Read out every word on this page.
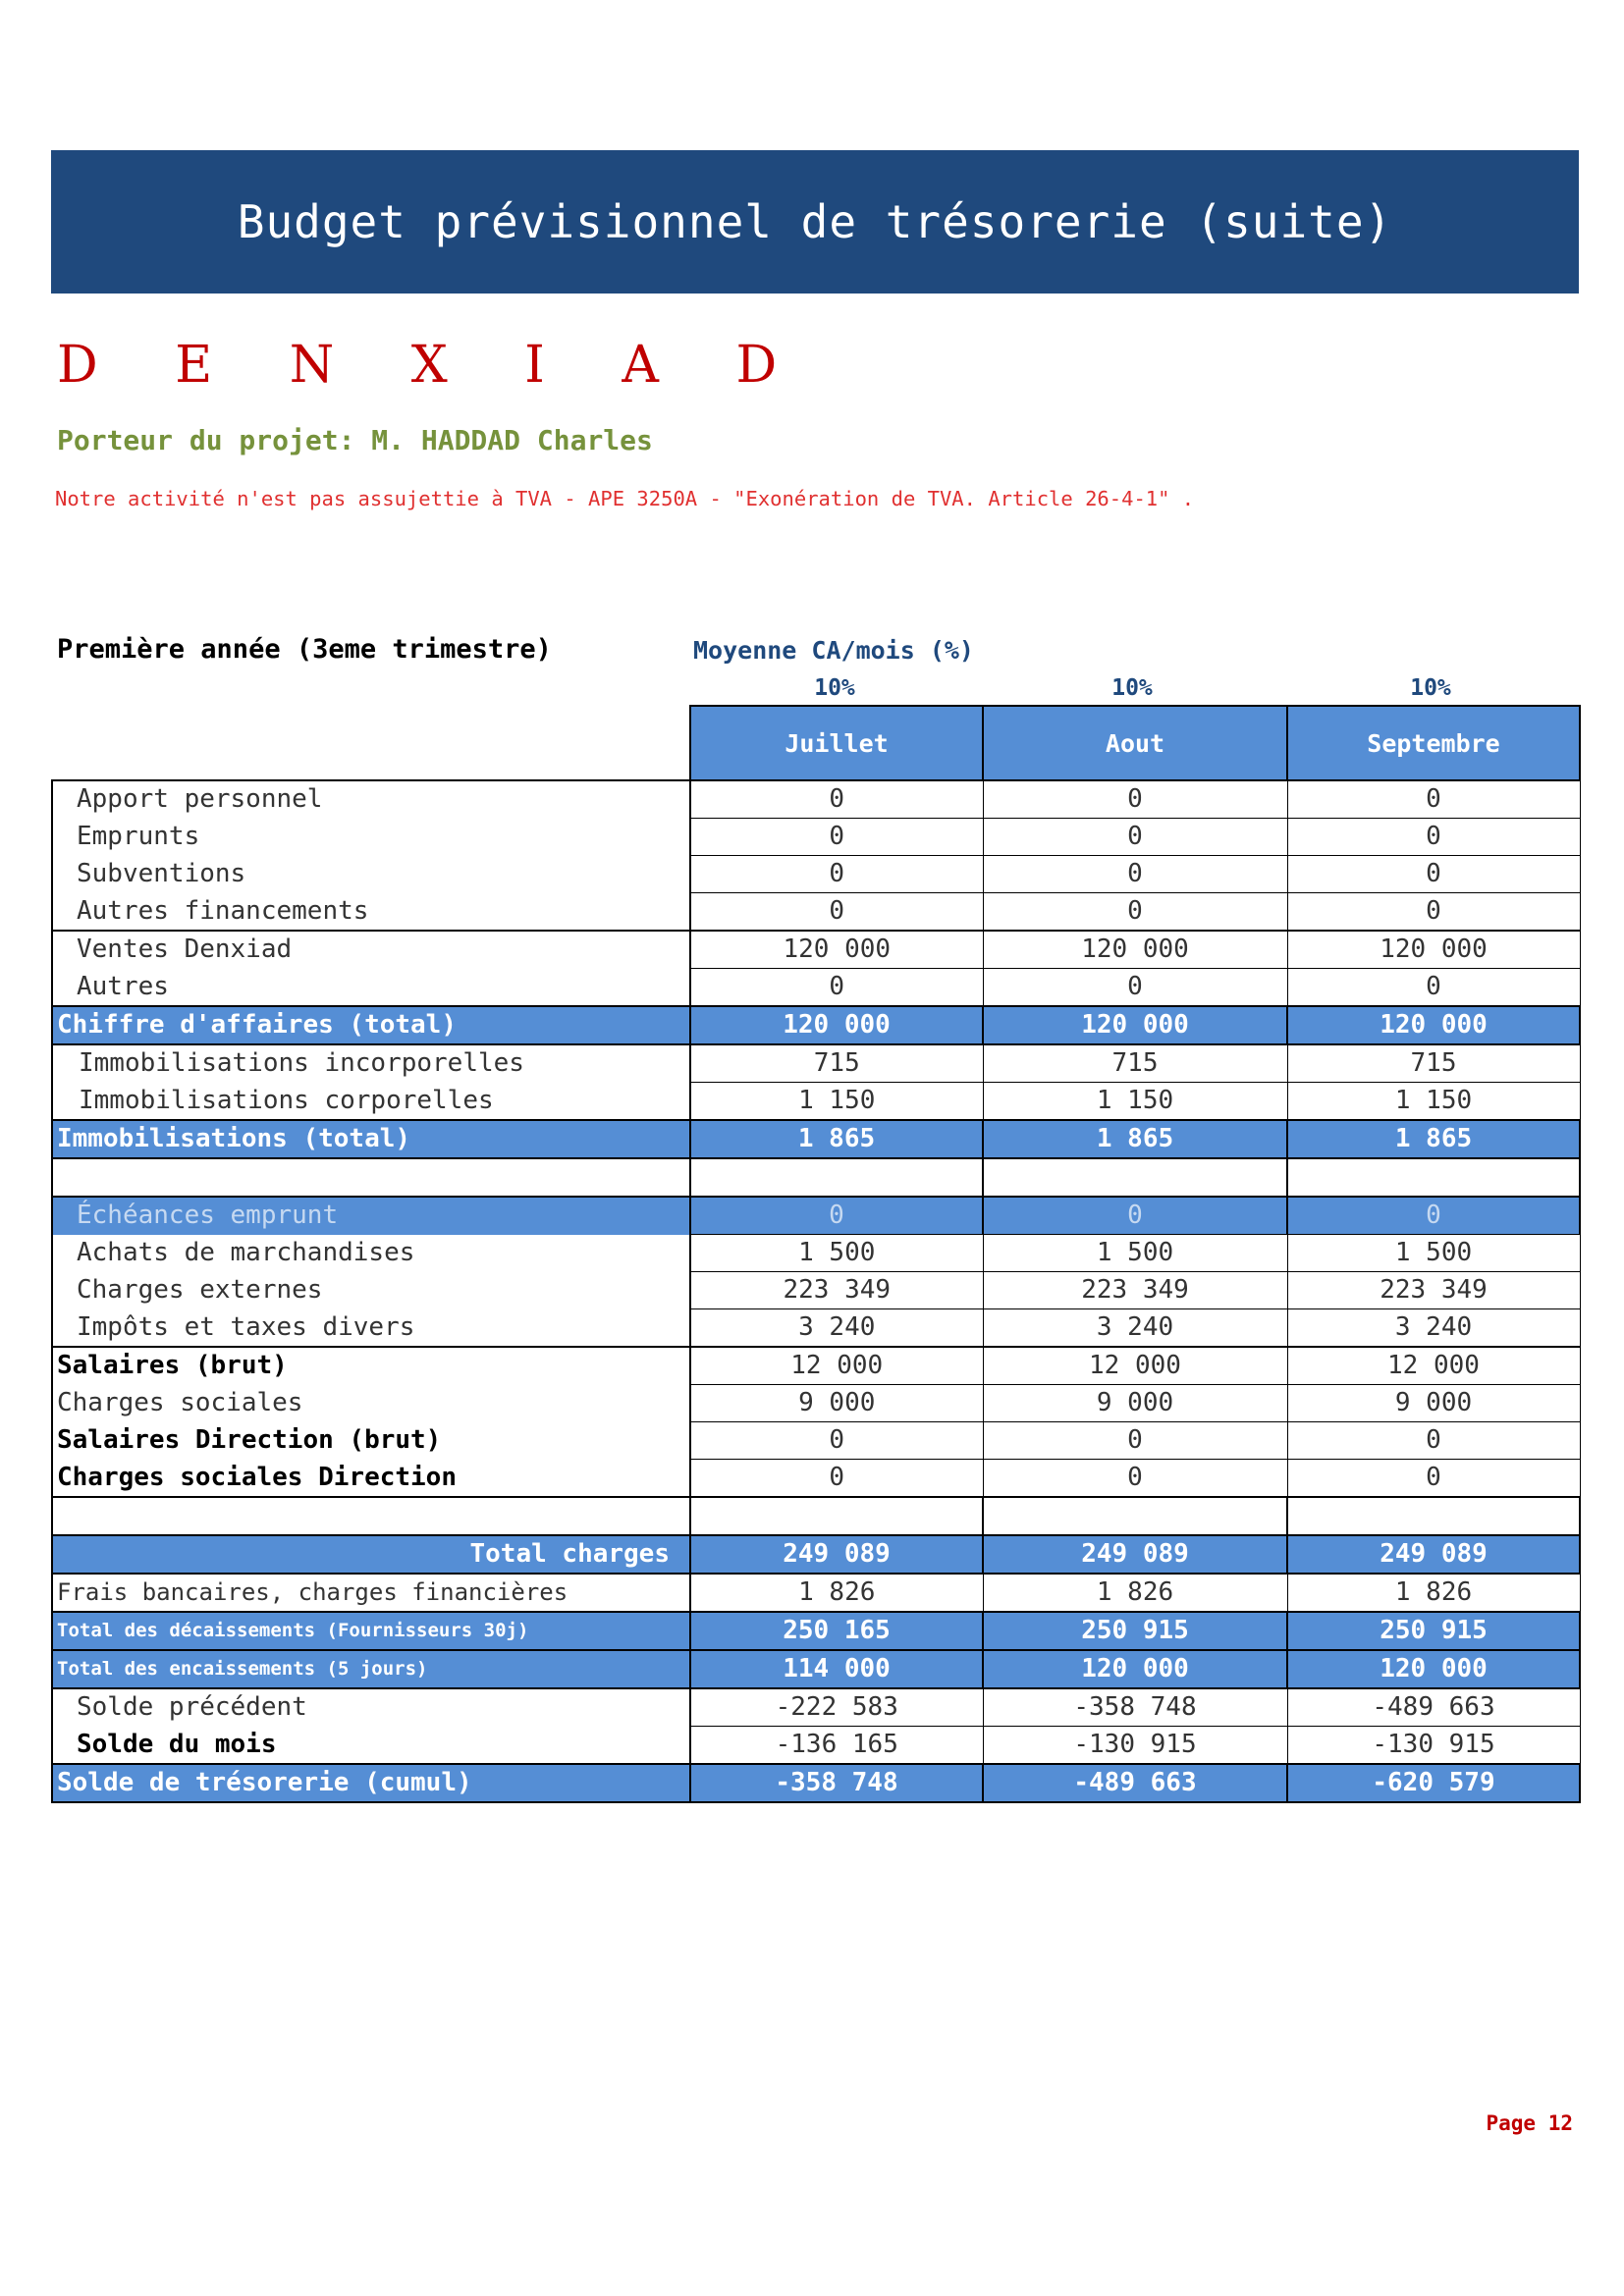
Budget prévisionnel de trésorerie (suite)
D E N X I A D
Porteur du projet: M. HADDAD Charles
Notre activité n'est pas assujettie à TVA - APE 3250A - "Exonération de TVA. Article 26-4-1" .
Première année (3eme trimestre)	Moyenne CA/mois (%)
10%	10%	10%
	Juillet	Aout	Septembre
Apport personnel	0	0	0
Emprunts	0	0	0
Subventions	0	0	0
Autres financements	0	0	0
Ventes Denxiad	120 000	120 000	120 000
Autres	0	0	0
Chiffre d'affaires (total)	120 000	120 000	120 000
Immobilisations incorporelles	715	715	715
Immobilisations corporelles	1 150	1 150	1 150
Immobilisations (total)	1 865	1 865	1 865

Échéances emprunt	0	0	0
Achats de marchandises	1 500	1 500	1 500
Charges externes	223 349	223 349	223 349
Impôts et taxes divers	3 240	3 240	3 240
Salaires (brut)	12 000	12 000	12 000
Charges sociales	9 000	9 000	9 000
Salaires Direction (brut)	0	0	0
Charges sociales Direction	0	0	0

Total charges	249 089	249 089	249 089
Frais bancaires, charges financières	1 826	1 826	1 826
Total des décaissements (Fournisseurs 30j)	250 165	250 915	250 915
Total des encaissements (5 jours)	114 000	120 000	120 000
Solde précédent	-222 583	-358 748	-489 663
Solde du mois	-136 165	-130 915	-130 915
Solde de trésorerie (cumul)	-358 748	-489 663	-620 579
Page 12
